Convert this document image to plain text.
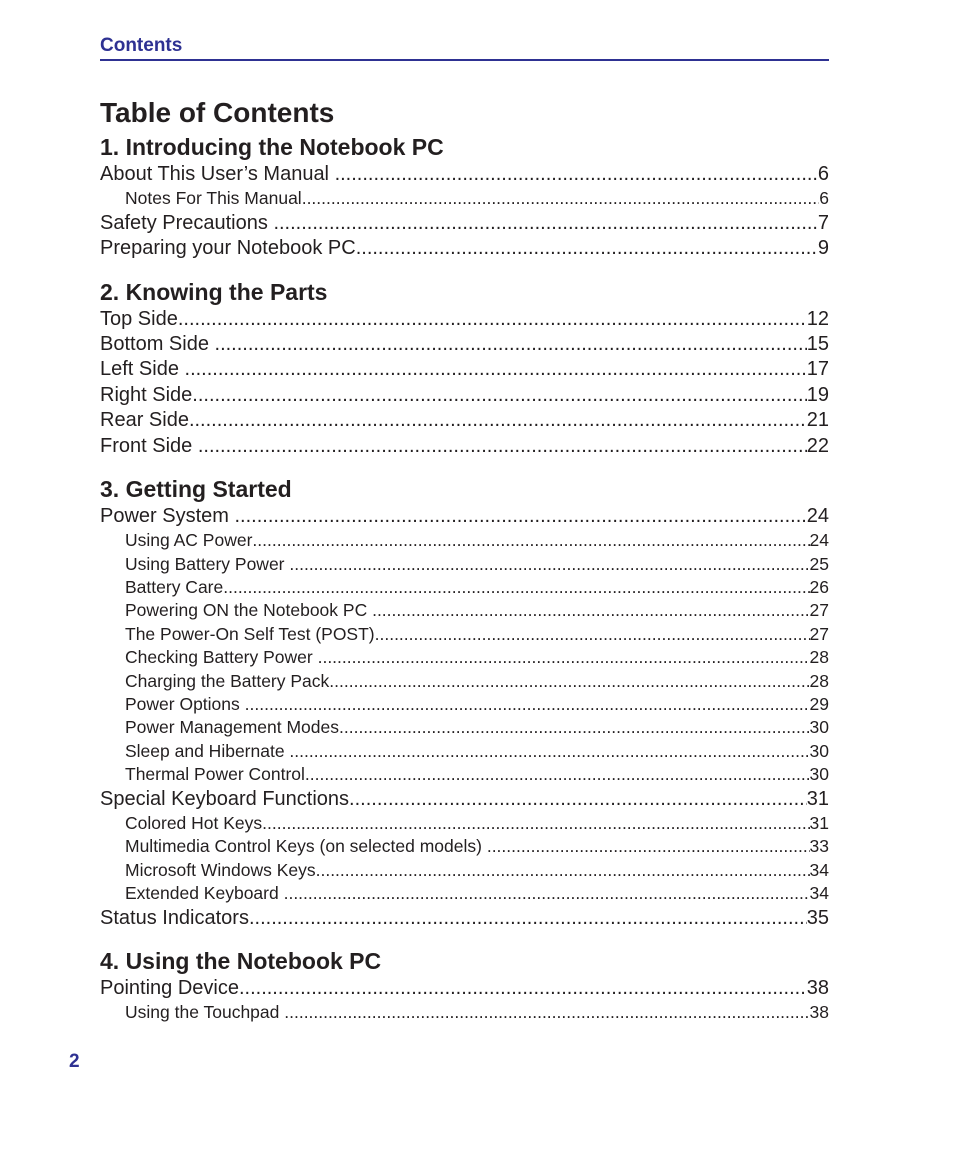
Contents
Table of Contents
1. Introducing the Notebook PC
About This User’s Manual .....	6
Notes For This Manual .....	6
Safety Precautions .....	7
Preparing your Notebook PC .....	9
2. Knowing the Parts
Top Side .....	12
Bottom Side .....	15
Left Side .....	17
Right Side .....	19
Rear Side .....	21
Front Side .....	22
3. Getting Started
Power System .....	24
Using AC Power .....	24
Using Battery Power .....	25
Battery Care .....	26
Powering ON the Notebook PC .....	27
The Power-On Self Test (POST) .....	27
Checking Battery Power .....	28
Charging the Battery Pack .....	28
Power Options .....	29
Power Management Modes .....	30
Sleep and Hibernate .....	30
Thermal Power Control .....	30
Special Keyboard Functions .....	31
Colored Hot Keys .....	31
Multimedia Control Keys (on selected models) .....	33
Microsoft Windows Keys .....	34
Extended Keyboard .....	34
Status Indicators .....	35
4. Using the Notebook PC
Pointing Device .....	38
Using the Touchpad .....	38
2
